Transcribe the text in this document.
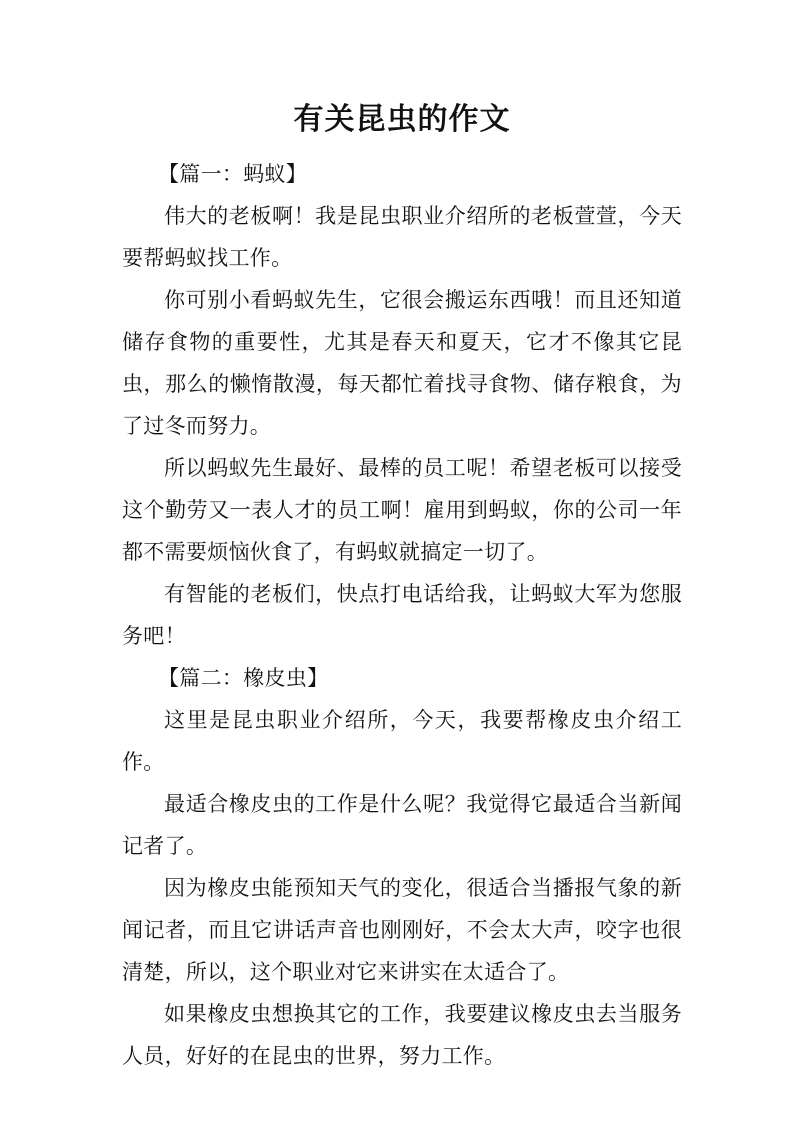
有关昆虫的作文

【篇一：蚂蚁】

伟大的老板啊！我是昆虫职业介绍所的老板萱萱，今天要帮蚂蚁找工作。

你可别小看蚂蚁先生，它很会搬运东西哦！而且还知道储存食物的重要性，尤其是春天和夏天，它才不像其它昆虫，那么的懒惰散漫，每天都忙着找寻食物、储存粮食，为了过冬而努力。

所以蚂蚁先生最好、最棒的员工呢！希望老板可以接受这个勤劳又一表人才的员工啊！雇用到蚂蚁，你的公司一年都不需要烦恼伙食了，有蚂蚁就搞定一切了。

有智能的老板们，快点打电话给我，让蚂蚁大军为您服务吧！

【篇二：橡皮虫】

这里是昆虫职业介绍所，今天，我要帮橡皮虫介绍工作。

最适合橡皮虫的工作是什么呢？我觉得它最适合当新闻记者了。

因为橡皮虫能预知天气的变化，很适合当播报气象的新闻记者，而且它讲话声音也刚刚好，不会太大声，咬字也很清楚，所以，这个职业对它来讲实在太适合了。

如果橡皮虫想换其它的工作，我要建议橡皮虫去当服务人员，好好的在昆虫的世界，努力工作。
